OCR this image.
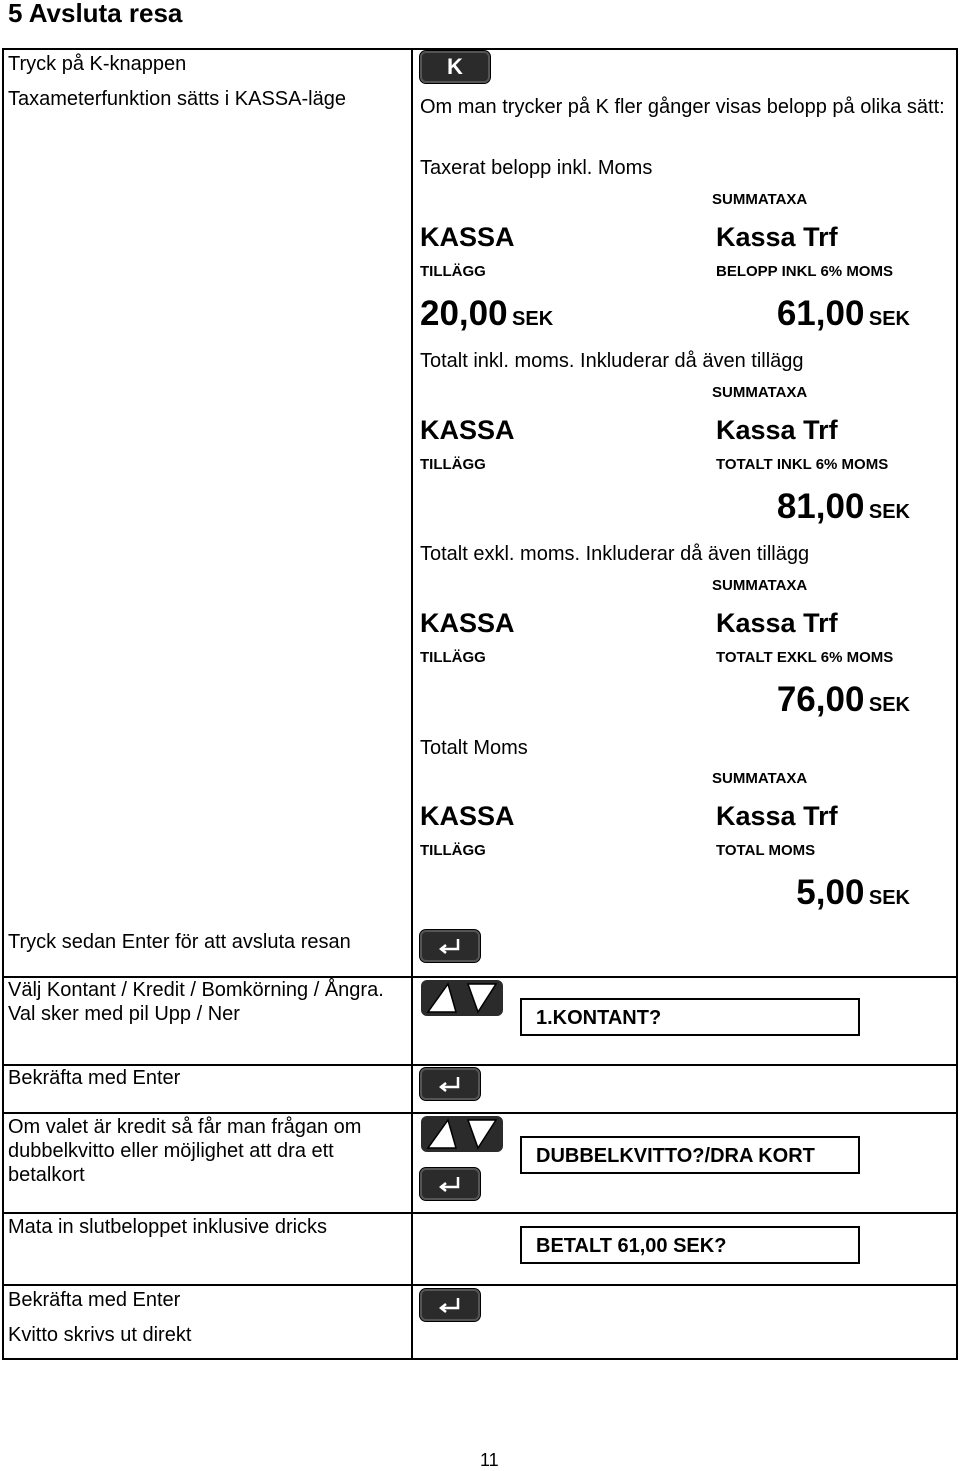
5 Avsluta resa
Tryck på K-knappen
Taxameterfunktion sätts i KASSA-läge
K
Om man trycker på K fler gånger visas belopp på olika sätt:
Taxerat belopp inkl. Moms
SUMMATAXA
KASSA	Kassa Trf
TILLÄGG	BELOPP INKL 6% MOMS
20,00 SEK	61,00 SEK
Totalt inkl. moms. Inkluderar då även tillägg
SUMMATAXA
KASSA	Kassa Trf
TILLÄGG	TOTALT INKL 6% MOMS
81,00 SEK
Totalt exkl. moms. Inkluderar då även tillägg
SUMMATAXA
KASSA	Kassa Trf
TILLÄGG	TOTALT EXKL 6% MOMS
76,00 SEK
Totalt Moms
SUMMATAXA
KASSA	Kassa Trf
TILLÄGG	TOTAL MOMS
5,00 SEK
Tryck sedan Enter för att avsluta resan
Välj Kontant / Kredit / Bomkörning / Ångra. Val sker med pil Upp / Ner	1.KONTANT?
Bekräfta med Enter
Om valet är kredit så får man frågan om dubbelkvitto eller möjlighet att dra ett betalkort
DUBBELKVITTO?/DRA KORT
Mata in slutbeloppet inklusive dricks
BETALT 61,00 SEK?
Bekräfta med Enter
Kvitto skrivs ut direkt
11
